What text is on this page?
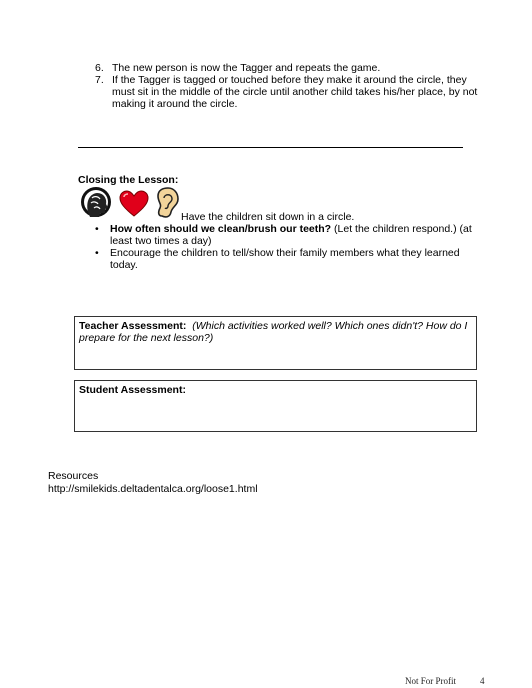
6. The new person is now the Tagger and repeats the game.

7. If the Tagger is tagged or touched before they make it around the circle, they must sit in the middle of the circle until another child takes his/her place, by not making it around the circle.

Closing the Lesson:
Have the children sit down in a circle.

• How often should we clean/brush our teeth? (Let the children respond.) (at least two times a day)

• Encourage the children to tell/show their family members what they learned today.

Teacher Assessment: (Which activities worked well? Which ones didn't? How do I prepare for the next lesson?)
Student Assessment:
Resources
http://smilekids.deltadentalca.org/loose1.html
Not For Profit	4
